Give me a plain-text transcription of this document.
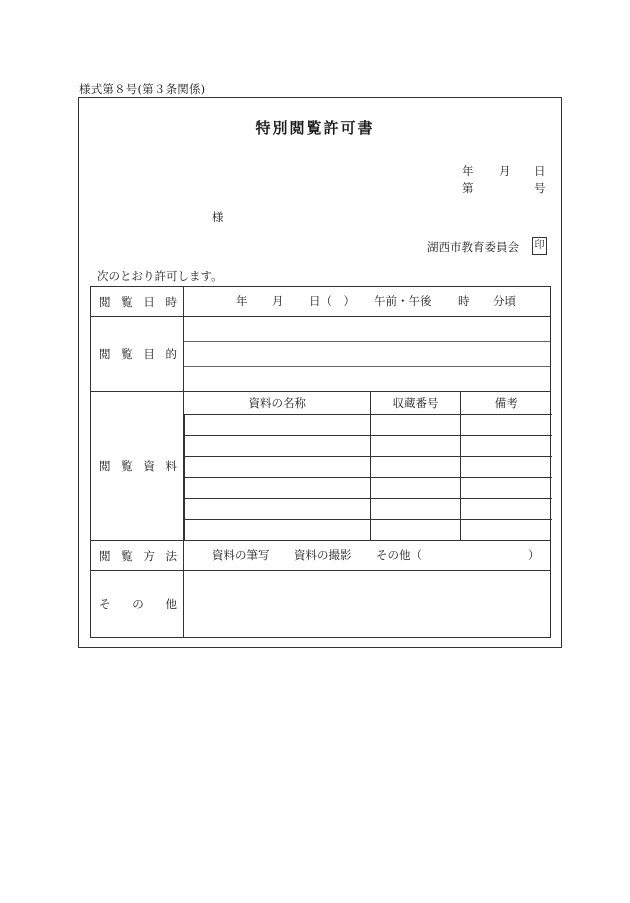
様式第８号(第３条関係)
特別閲覧許可書
年 月 日
第	号
様
湖西市教育委員会 印
次のとおり許可します。
閲 覧 日 時	年 月 日（　） 午前・午後 時 分頃

閲 覧 目 的

閲 覧 資 料

資料の名称	収蔵番号	備考

閲 覧 方 法	資料の筆写 資料の撮影 その他（	）

そ の 他
